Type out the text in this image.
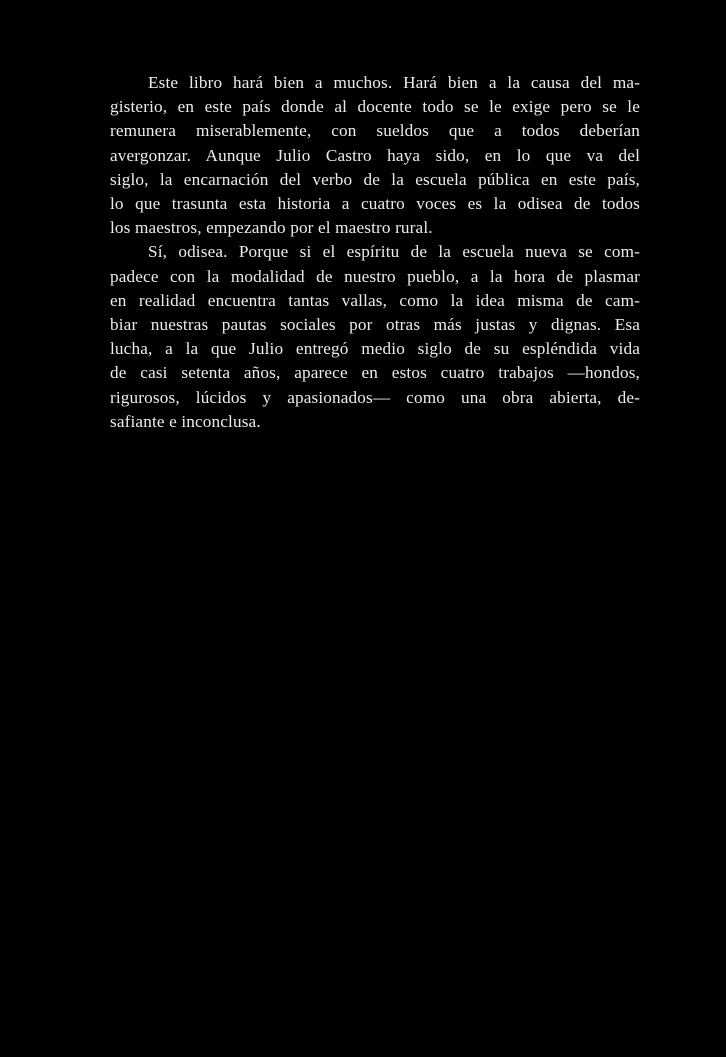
Este libro hará bien a muchos. Hará bien a la causa del ma-
gisterio, en este país donde al docente todo se le exige pero se le
remunera miserablemente, con sueldos que a todos deberían
avergonzar. Aunque Julio Castro haya sido, en lo que va del
siglo, la encarnación del verbo de la escuela pública en este país,
lo que trasunta esta historia a cuatro voces es la odisea de todos
los maestros, empezando por el maestro rural.
Sí, odisea. Porque si el espíritu de la escuela nueva se com-
padece con la modalidad de nuestro pueblo, a la hora de plasmar
en realidad encuentra tantas vallas, como la idea misma de cam-
biar nuestras pautas sociales por otras más justas y dignas. Esa
lucha, a la que Julio entregó medio siglo de su espléndida vida
de casi setenta años, aparece en estos cuatro trabajos —hondos,
rigurosos, lúcidos y apasionados— como una obra abierta, de-
safiante e inconclusa.
